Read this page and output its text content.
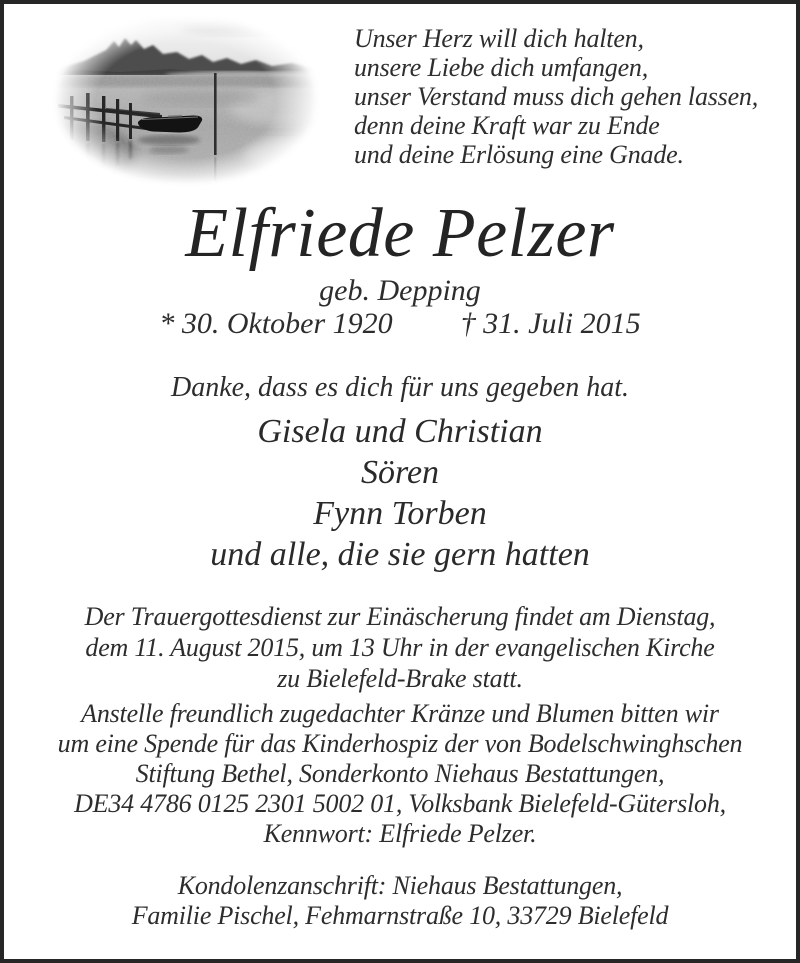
Unser Herz will dich halten,
unsere Liebe dich umfangen,
unser Verstand muss dich gehen lassen,
denn deine Kraft war zu Ende
und deine Erlösung eine Gnade.
Elfriede Pelzer
geb. Depping
* 30. Oktober 1920 † 31. Juli 2015
Danke, dass es dich für uns gegeben hat.
Gisela und Christian
Sören
Fynn Torben
und alle, die sie gern hatten
Der Trauergottesdienst zur Einäscherung findet am Dienstag,
dem 11. August 2015, um 13 Uhr in der evangelischen Kirche
zu Bielefeld-Brake statt.
Anstelle freundlich zugedachter Kränze und Blumen bitten wir
um eine Spende für das Kinderhospiz der von Bodelschwinghschen
Stiftung Bethel, Sonderkonto Niehaus Bestattungen,
DE34 4786 0125 2301 5002 01, Volksbank Bielefeld-Gütersloh,
Kennwort: Elfriede Pelzer.
Kondolenzanschrift: Niehaus Bestattungen,
Familie Pischel, Fehmarnstraße 10, 33729 Bielefeld
